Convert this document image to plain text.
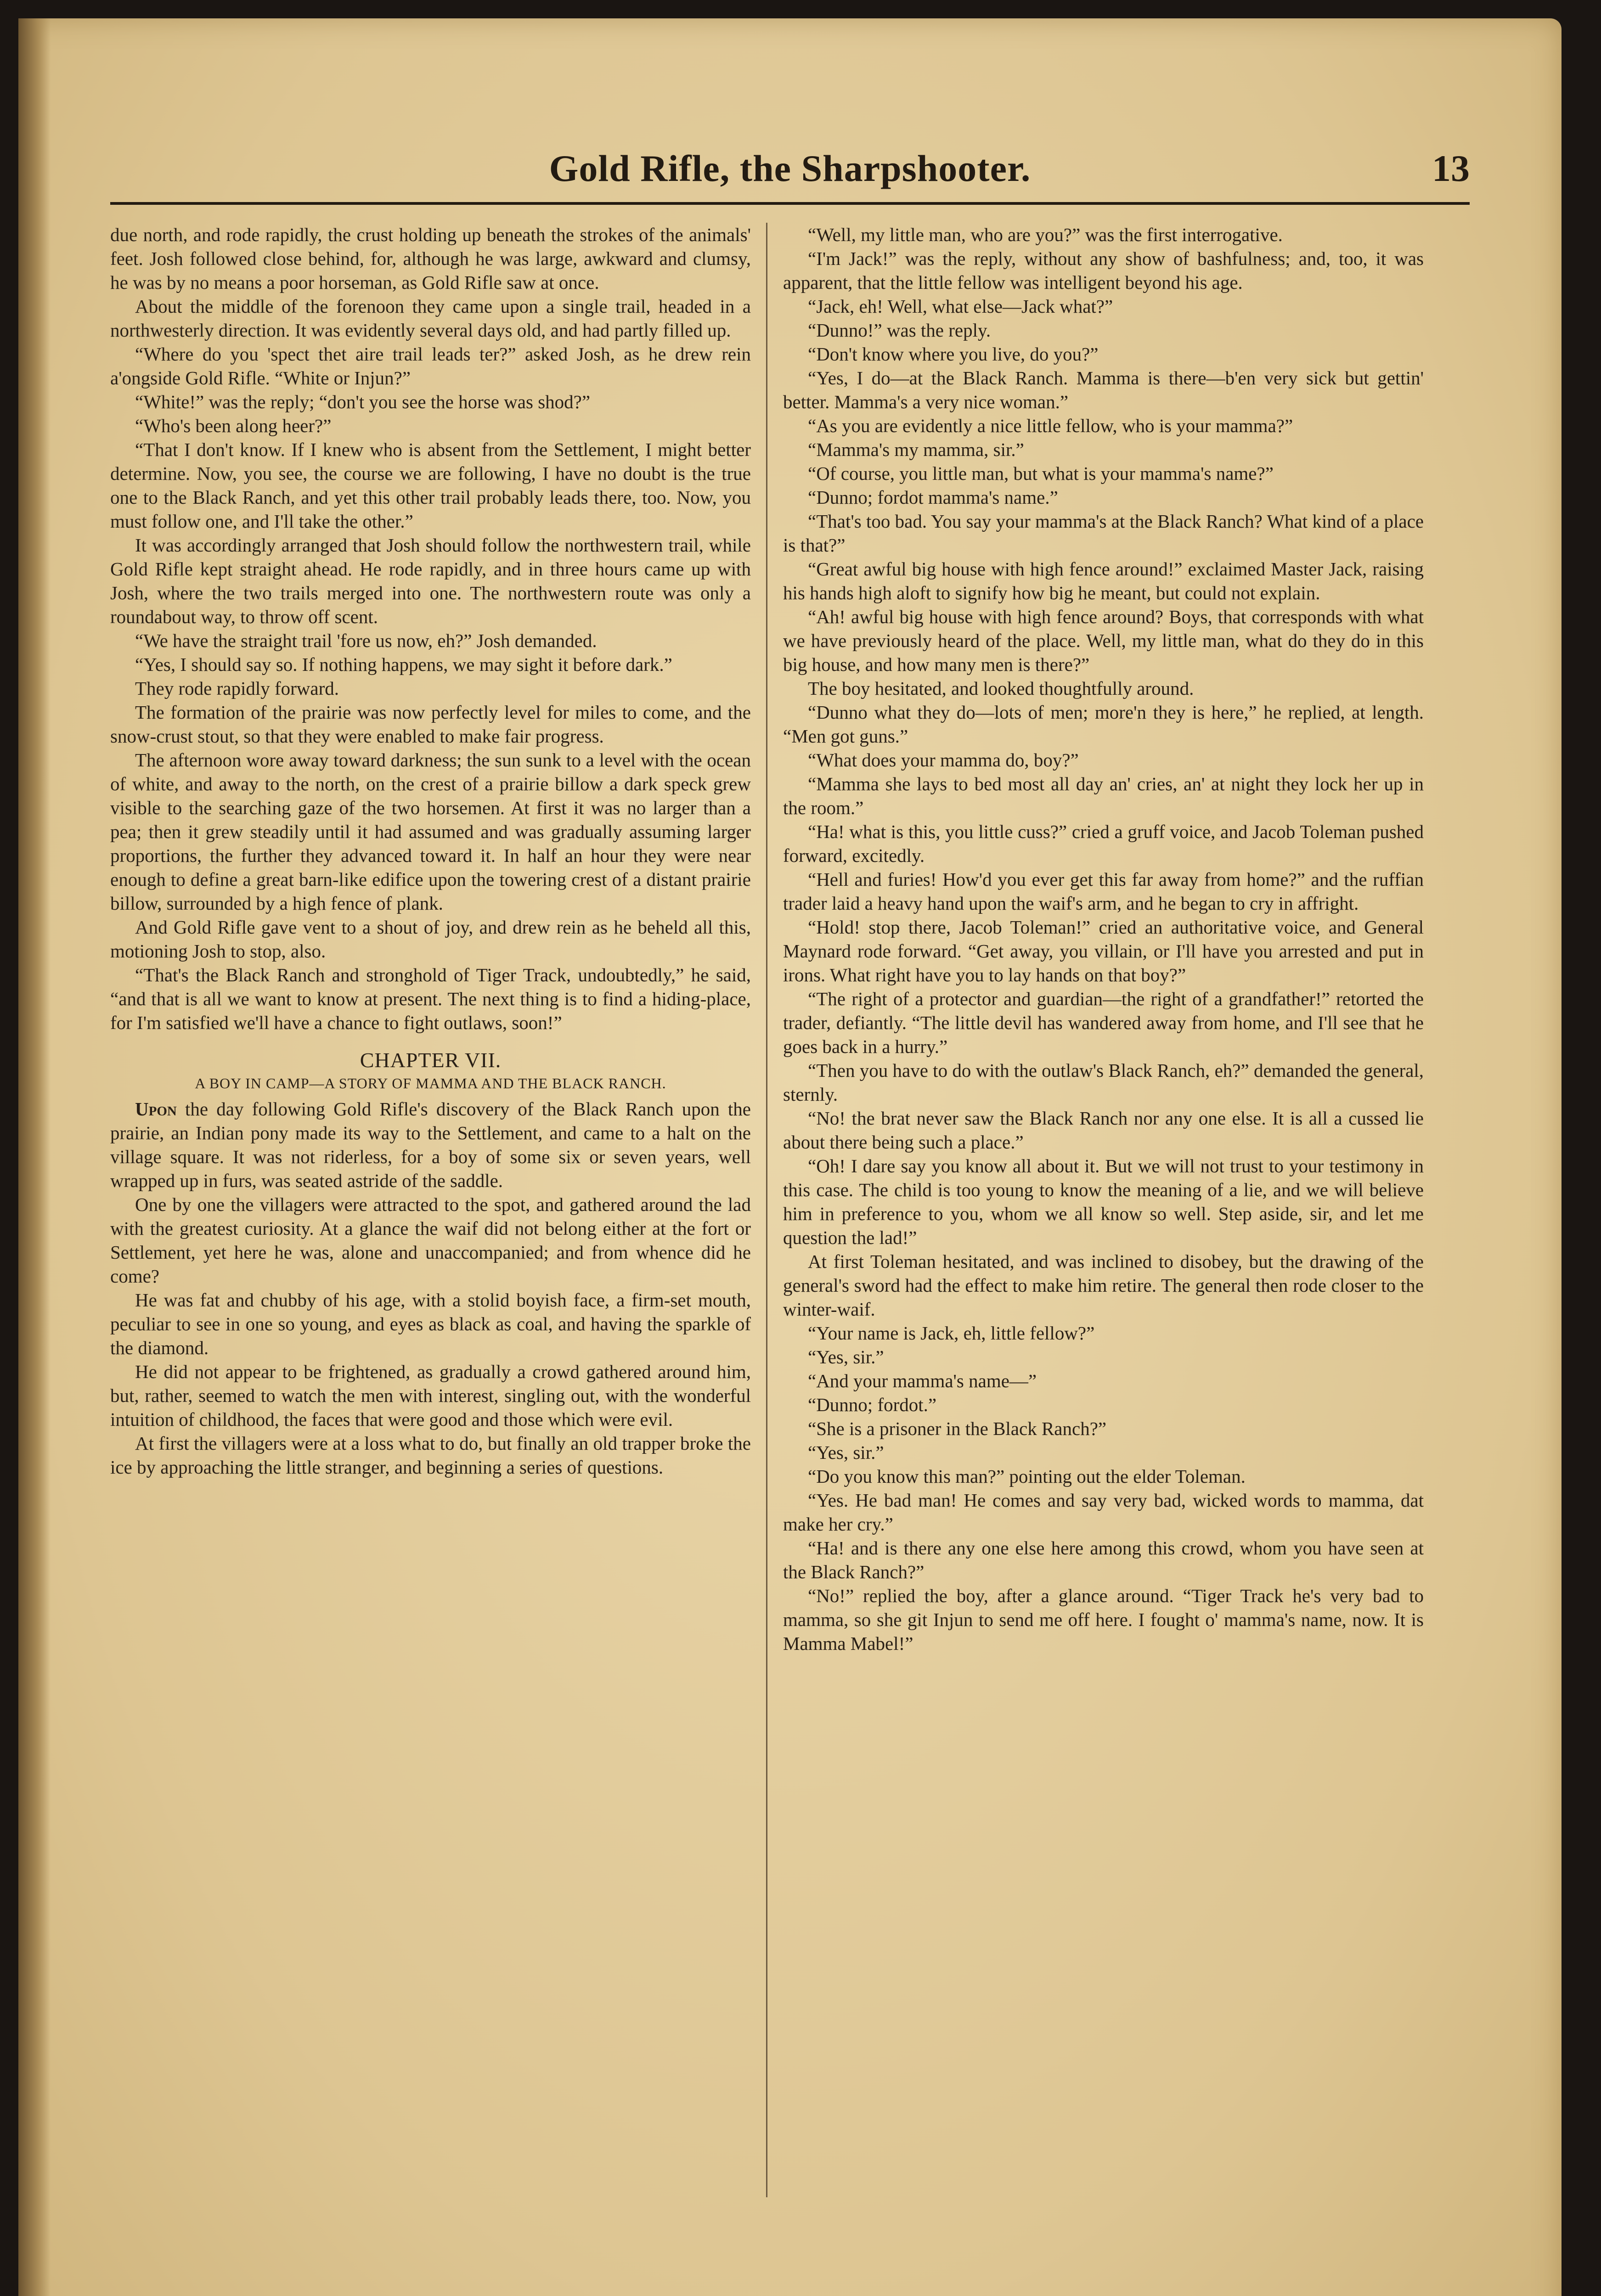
Gold Rifle, the Sharpshooter.	13

due north, and rode rapidly, the crust holding up beneath the strokes of the animals' feet. Josh followed close behind, for, although he was large, awkward and clumsy, he was by no means a poor horseman, as Gold Rifle saw at once.

About the middle of the forenoon they came upon a single trail, headed in a northwesterly direction. It was evidently several days old, and had partly filled up.

“Where do you 'spect thet aire trail leads ter?” asked Josh, as he drew rein a'ongside Gold Rifle. “White or Injun?”

“White!” was the reply; “don't you see the horse was shod?”

“Who's been along heer?”

“That I don't know. If I knew who is absent from the Settlement, I might better determine. Now, you see, the course we are following, I have no doubt is the true one to the Black Ranch, and yet this other trail probably leads there, too. Now, you must follow one, and I'll take the other.”

It was accordingly arranged that Josh should follow the northwestern trail, while Gold Rifle kept straight ahead. He rode rapidly, and in three hours came up with Josh, where the two trails merged into one. The northwestern route was only a roundabout way, to throw off scent.

“We have the straight trail 'fore us now, eh?” Josh demanded.

“Yes, I should say so. If nothing happens, we may sight it before dark.”

They rode rapidly forward.

The formation of the prairie was now perfectly level for miles to come, and the snow-crust stout, so that they were enabled to make fair progress.

The afternoon wore away toward darkness; the sun sunk to a level with the ocean of white, and away to the north, on the crest of a prairie billow a dark speck grew visible to the searching gaze of the two horsemen. At first it was no larger than a pea; then it grew steadily until it had assumed and was gradually assuming larger proportions, the further they advanced toward it. In half an hour they were near enough to define a great barn-like edifice upon the towering crest of a distant prairie billow, surrounded by a high fence of plank.

And Gold Rifle gave vent to a shout of joy, and drew rein as he beheld all this, motioning Josh to stop, also.

“That's the Black Ranch and stronghold of Tiger Track, undoubtedly,” he said, “and that is all we want to know at present. The next thing is to find a hiding-place, for I'm satisfied we'll have a chance to fight outlaws, soon!”

CHAPTER VII.
A BOY IN CAMP—A STORY OF MAMMA AND THE BLACK RANCH.

Upon the day following Gold Rifle's discovery of the Black Ranch upon the prairie, an Indian pony made its way to the Settlement, and came to a halt on the village square. It was not riderless, for a boy of some six or seven years, well wrapped up in furs, was seated astride of the saddle.

One by one the villagers were attracted to the spot, and gathered around the lad with the greatest curiosity. At a glance the waif did not belong either at the fort or Settlement, yet here he was, alone and unaccompanied; and from whence did he come?

He was fat and chubby of his age, with a stolid boyish face, a firm-set mouth, peculiar to see in one so young, and eyes as black as coal, and having the sparkle of the diamond.

He did not appear to be frightened, as gradually a crowd gathered around him, but, rather, seemed to watch the men with interest, singling out, with the wonderful intuition of childhood, the faces that were good and those which were evil.

At first the villagers were at a loss what to do, but finally an old trapper broke the ice by approaching the little stranger, and beginning a series of questions.

“Well, my little man, who are you?” was the first interrogative.

“I'm Jack!” was the reply, without any show of bashfulness; and, too, it was apparent, that the little fellow was intelligent beyond his age.

“Jack, eh! Well, what else—Jack what?”

“Dunno!” was the reply.

“Don't know where you live, do you?”

“Yes, I do—at the Black Ranch. Mamma is there—b'en very sick but gettin' better. Mamma's a very nice woman.”

“As you are evidently a nice little fellow, who is your mamma?”

“Mamma's my mamma, sir.”

“Of course, you little man, but what is your mamma's name?”

“Dunno; fordot mamma's name.”

“That's too bad. You say your mamma's at the Black Ranch? What kind of a place is that?”

“Great awful big house with high fence around!” exclaimed Master Jack, raising his hands high aloft to signify how big he meant, but could not explain.

“Ah! awful big house with high fence around? Boys, that corresponds with what we have previously heard of the place. Well, my little man, what do they do in this big house, and how many men is there?”

The boy hesitated, and looked thoughtfully around.

“Dunno what they do—lots of men; more'n they is here,” he replied, at length. “Men got guns.”

“What does your mamma do, boy?”

“Mamma she lays to bed most all day an' cries, an' at night they lock her up in the room.”

“Ha! what is this, you little cuss?” cried a gruff voice, and Jacob Toleman pushed forward, excitedly.

“Hell and furies! How'd you ever get this far away from home?” and the ruffian trader laid a heavy hand upon the waif's arm, and he began to cry in affright.

“Hold! stop there, Jacob Toleman!” cried an authoritative voice, and General Maynard rode forward. “Get away, you villain, or I'll have you arrested and put in irons. What right have you to lay hands on that boy?”

“The right of a protector and guardian—the right of a grandfather!” retorted the trader, defiantly. “The little devil has wandered away from home, and I'll see that he goes back in a hurry.”

“Then you have to do with the outlaw's Black Ranch, eh?” demanded the general, sternly.

“No! the brat never saw the Black Ranch nor any one else. It is all a cussed lie about there being such a place.”

“Oh! I dare say you know all about it. But we will not trust to your testimony in this case. The child is too young to know the meaning of a lie, and we will believe him in preference to you, whom we all know so well. Step aside, sir, and let me question the lad!”

At first Toleman hesitated, and was inclined to disobey, but the drawing of the general's sword had the effect to make him retire. The general then rode closer to the winter-waif.

“Your name is Jack, eh, little fellow?”

“Yes, sir.”

“And your mamma's name—”

“Dunno; fordot.”

“She is a prisoner in the Black Ranch?”

“Yes, sir.”

“Do you know this man?” pointing out the elder Toleman.

“Yes. He bad man! He comes and say very bad, wicked words to mamma, dat make her cry.”

“Ha! and is there any one else here among this crowd, whom you have seen at the Black Ranch?”

“No!” replied the boy, after a glance around. “Tiger Track he's very bad to mamma, so she git Injun to send me off here. I fought o' mamma's name, now. It is Mamma Mabel!”
